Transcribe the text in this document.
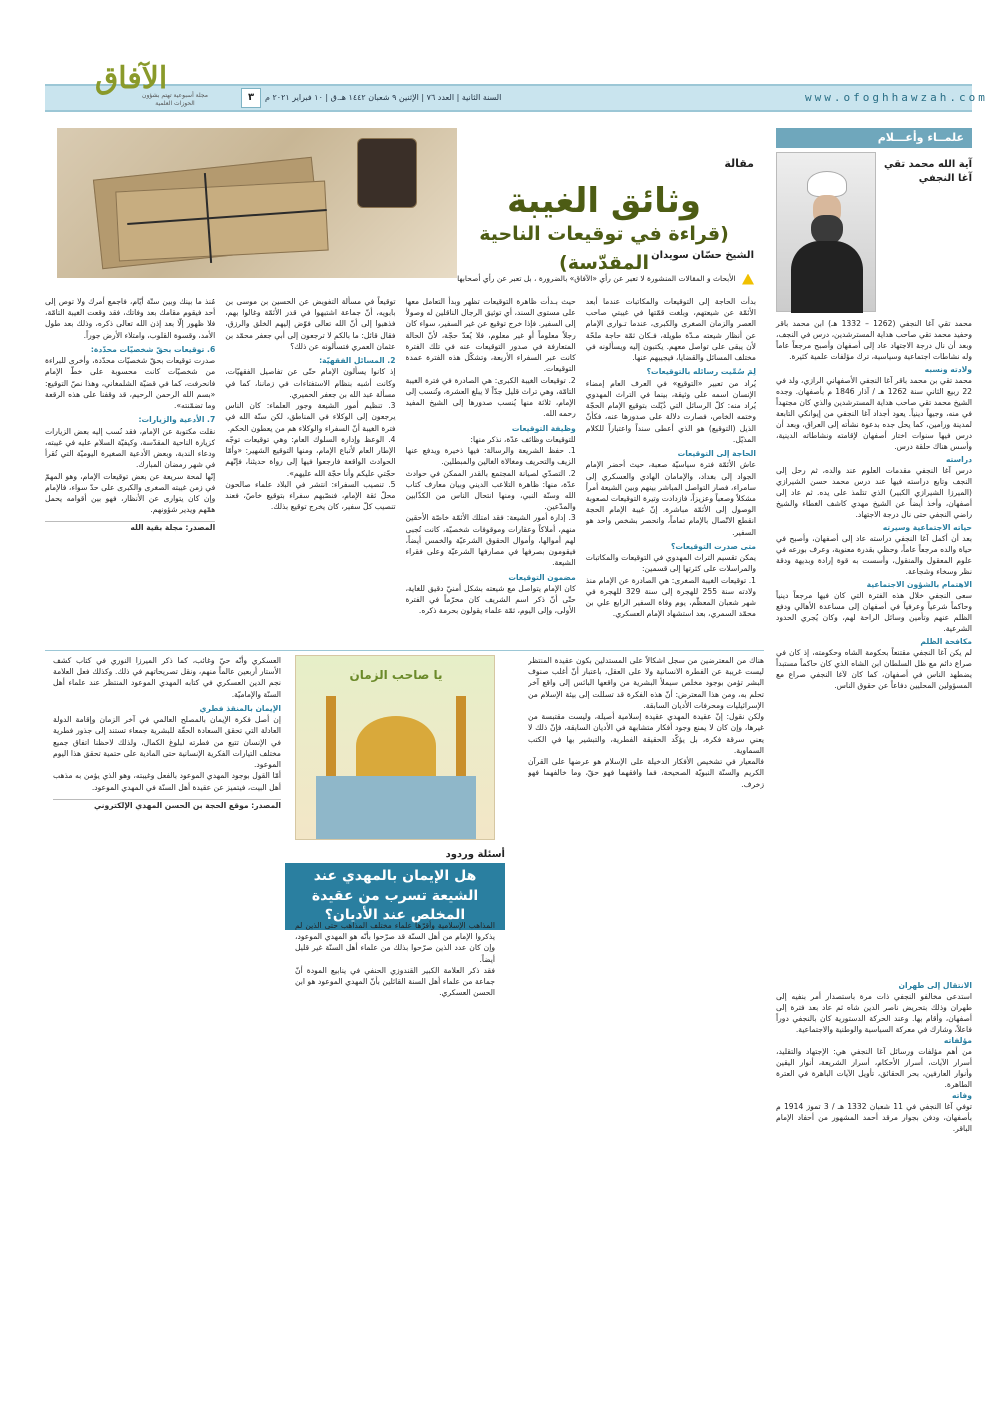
www.ofoghhawzah.com
السنة الثانية | العدد ٧٦ | الإثنين ٩ شعبان ١٤٤٢ هـ.ق | ١٠ فبراير ٢٠٢١ م
٣
الآفاق
مجلة أسبوعية تهتم بشؤون الحوزات العلمية
علمــاء وأعـــلام
آية الله محمد تقي آغا النجفي

محمد تقي آغا النجفي (1262 – 1332 هـ) ابن محمد باقر وحفيد محمد تقي صاحب هداية المسترشدين، درس في النجف، وبعد أن نال درجة الاجتهاد عاد إلى أصفهان وأصبح مرجعاً عاماً وله نشاطات اجتماعية وسياسية، ترك مؤلفات علمية كثيرة.

ولادته ونسبه

محمد تقي بن محمد باقر آغا النجفي الأصفهاني الرازي، ولد في 22 ربيع الثاني سنة 1262 هـ / آذار 1846 م بأصفهان. وجده الشيخ محمد تقي صاحب هداية المسترشدين والذي كان مجتهداً في منه، وجيهاً دينياً. يعود أجداد آغا النجفي من إيوانكي التابعة لمدينة ورامين، كما يحل جده بدعوة نشأته إلى العراق، وبعد أن درس فيها سنوات اختار أصفهان لإقامته ونشاطاته الدينية، وأسس هناك حلقة درس.

دراسته

درس آغا النجفي مقدمات العلوم عند والده، ثم رحل إلى النجف وتابع دراسته فيها عند درس محمد حسن الشيرازي (الميرزا الشيرازي الكبير) الذي تتلمذ على يده. ثم عاد إلى أصفهان، وأخذ أيضاً عن الشيخ مهدي كاشف الغطاء والشيخ راضي النجفي حتى نال درجة الاجتهاد.

حياته الاجتماعية وسيرته

بعد أن أكمل آغا النجفي دراسته عاد إلى أصفهان، وأصبح في حياة والده مرجعاً عاماً، وحظي بقدرة معنوية، وعرف بورعه في علوم المعقول والمنقول، وأسست به قوة إرادة وبديهة ودقة نظر وسخاء وشجاعة.

الاهتمام بالشؤون الاجتماعية

سعى النجفي خلال هذه الفترة التي كان فيها مرجعاً دينياً وحاكماً شرعياً وعرفياً في أصفهان إلى مساعدة الأهالي ودفع الظلم عنهم وتأمين وسائل الراحة لهم، وكان يُجري الحدود الشرعية.

مكافحة الظلم

لم يكن آغا النجفي مقتنعاً بحكومة الشاه وحكومته، إذ كان في صراع دائم مع ظل السلطان ابن الشاه الذي كان حاكماً مستبداً يضطهد الناس في أصفهان، كما كان لآغا النجفي صراع مع المسؤولين المحليين دفاعاً عن حقوق الناس.

الانتقال إلى طهران

استدعى مخالفو النجفي ذات مرة باستصدار أمر بنفيه إلى طهران وذلك بتحريض ناصر الدين شاه ثم عاد بعد فترة إلى أصفهان، وأقام بها. وعند الحركة الدستورية كان بالنجفي دوراً فاعلاً، وشارك في معركة السياسية والوطنية والاجتماعية.

مؤلفاته

من أهم مؤلفات ورسائل آغا النجفي هي: الإجتهاد والتقليد، أسرار الآيات، أسرار الأحكام، أسرار الشريعة، أنوار اليقين وأنوار العارفين، بحر الحقائق، تأويل الآيات الباهرة في العترة الطاهرة.

وفاته

توفي آغا النجفي في 11 شعبان 1332 هـ / 3 تموز 1914 م بأصفهان، ودفن بجوار مرقد أحمد المشهور من أحفاد الإمام الباقر.

مقالة
وثائق الغيبة
(قراءة في توقيعات الناحية المقدّسة) الشيخ حسّان سويدان
الأبحاث و المقالات المنشورة لا تعبر عن رأي «الآفاق» بالضرورة ، بل تعبر عن رأي أصحابها

بدأت الحاجة إلى التوقيعات والمكاتبات عندما أبعد الأئمّة عن شيعتهم، وبلغت قمّتها في غيبتي صاحب العصر والزمان الصغرى والكبرى، عندما تـوارى الإمام عن أنظار شيعته مـدّة طويلة، فـكان ثمّة حاجة ملحّة لأن يبقى على تواصل معهم. يكتبون إليه ويسألونه في مختلف المسائل والقضايا، فيجيبهم عنها.

لِمَ سُمِّيت رسائله بالتوقيعات؟

يُراد من تعبير «التوقيع» في العرف العام إمضاء الإنسان اسمه على وثيقة، بينما في التراث المهدوي يُراد منه: كلّ الرسائل التي ذُيّلت بتوقيع الإمام الحجّة وختمه الخاص، فصارت دلالة على صدورها عنه، فكأنّ الذيل (التوقيع) هو الذي أعطى سنداً واعتباراً للكلام المذيّل.

الحاجة إلى التوقيعات

عاش الأئمّة فترة سياسيّة صعبة، حيث أحضر الإمام الجواد إلى بغداد، والإمامان الهادي والعسكري إلى سامراء، فصار التواصل المباشر بينهم وبين الشيعة أمراً مشكلاً وصعباً وعزيزاً، فازدادت وتيرة التوقيعات لصعوبة الوصول إلى الأئمّة مباشرة. إنّ غيبة الإمام الحجة انقطع الاتّصال بالإمام تماماً، وانحصر بشخص واحد هو السفير.

متى صدرت التوقيعات؟

يمكن تقسيم التراث المهدوي في التوقيعات والمكاتبات والمراسلات على كثرتها إلى قسمين:

1. توقيعات الغيبة الصغرى: هي الصادرة عن الإمام منذ ولادته سنة 255 للهجرة إلى سنة 329 للهجرة في شهر شعبان المعظّم، يوم وفاة السفير الرابع علي بن محمّد السمري، بعد استشهاد الإمام العسكري.

حيث بـدأت ظاهرة التوقيعات تظهر وبدأ التعامل معها على مستوى السند، أي توثيق الرجال الناقلين له وصولاً إلى السفير. فإذا خرج توقيع عن غير السفير، سواء كان رجلاً معلوماً أو غير معلوم، فلا يُعدّ حجّة، لأنّ الحالة المتعارفة في صدور التوقيعات عنه في تلك الفترة كانت عبر السفراء الأربعة، وتشكّل هذه الفترة عمدة التوقيعات.

2. توقيعات الغيبة الكبرى: هي الصادرة في فترة الغيبة التامّة، وهي تراث قليل جدّاً لا يبلغ العشرة، وتُنسب إلى الإمام، ثلاثة منها يُنسب صدورها إلى الشيخ المفيد رحمه الله.

وظيفة التوقيعات

للتوقيعات وظائف عدّة، نذكر منها:

1. حفظ الشريعة والرسالة: فيها ذخيرة ويدفع عنها الزيف والتحريف ومغالاة الغالين والمبطلين.

2. التصدّي لصيانة المجتمع بالقدر الممكن في حوادث عدّة، منها: ظاهرة التلاعب الديني وبيان معارف كتاب الله وسنّة النبي، ومنها انتحال الناس من الكذّابين والمدّعين.

3. إدارة أمور الشيعة: فقد امتلك الأئمّة خاصّة الأحقين منهم، أملاكاً وعقارات وموقوفات شخصيّة، كانت تُجبى لهم أموالها، وأموال الحقوق الشرعيّة والخمس أيضاً، فيقومون بصرفها في مصارفها الشرعيّة وعلى فقراء الشيعة.

مضمون التوقيعات

كان الإمام يتواصل مع شيعته بشكل أمنيّ دقيق للغاية، حتّى أنّ ذكر اسم الشريف كان محرّماً في الفترة الأولى، وإلى اليوم، ثمّة علماء يقولون بحرمة ذكره.

توقيعاً في مسألة التفويض عن الحسين بن موسى بن بابويه، أنّ جماعة اشتبهوا في قدر الأئمّة وغالوا بهم، فذهبوا إلى أنّ الله تعالى فوّض إليهم الخلق والرزق، فقال قائل: ما بالكم لا ترجعون إلى أبي جعفر محمّد بن عثمان العمري فتسألونه عن ذلك؟

2. المسائل الفقهيّة:

إذ كانوا يسألون الإمام حتّى عن تفاصيل الفقهيّات، وكانت أشبه بنظام الاستفتاءات في زماننا، كما في مسألة عبد الله بن جعفر الحميري.

3. تنظيم أمور الشيعة وجور العلماء: كان الناس يرجعون إلى الوكلاء في المناطق، لكن سنّة الله في فترة الغيبة أنّ السفراء والوكلاء هم من يعطون الحكم.

4. الوعظ وإدارة السلوك العام: وهي توقيعات توجّه الإطار العام لأتباع الإمام، ومنها التوقيع الشهير: «وأمّا الحوادث الواقعة فارجعوا فيها إلى رواة حديثنا، فإنّهم حجّتي عليكم وأنا حجّة الله عليهم».

5. تنصيب السفراء: انتشر في البلاد علماء صالحون محلّ ثقة الإمام، فنصّبهم سفراء بتوقيع خاصّ، فعند تنصيب كلّ سفير، كان يخرج توقيع بذلك.

مُنذ ما بينك وبين ستّة أيّام، فاجمع أمرك ولا توص إلى أحد فيقوم مقامك بعد وفاتك، فقد وقعت الغيبة التامّة، فلا ظهور إلّا بعد إذن الله تعالى ذكره، وذلك بعد طول الأمد، وقسوة القلوب، وامتلاء الأرض جوراً.

6. توقيعات بحقّ شخصيّات محدّدة:

صدرت توقيعات بحقّ شخصيّات محدّدة، وأخرى للبراءة من شخصيّات كانت محسوبة على خطّ الإمام فانحرفت، كما في قضيّة الشلمغاني، وهذا نصّ التوقيع: «بسم الله الرحمن الرحيم، قد وقفنا على هذه الرقعة وما تضمّنته».

7. الأدعية والزيارات:

نقلت مكتوبة عن الإمام، فقد نُسب إليه بعض الزيارات كزيارة الناحية المقدّسة، وكيفيّة السلام عليه في غيبته، ودعاء الندبة، وبعض الأدعية الصغيرة اليوميّة التي تُقرأ في شهر رمضان المبارك.

إنّها لمحة سريعة عن بعض توقيعات الإمام، وهو المهمّ في زمن غيبته الصغرى والكبرى على حدّ سواء، فالإمام وإن كان يتوارى عن الأنظار، فهو بين أقوامه يحمل همّهم ويدير شؤونهم.

المصدر: مجلة بقية الله

هناك من المعترضين من سجل اشكالاً على المستدلين بكون عقيدة المنتظر ليست غريبة عن الفطرة الانسانية ولا على العقل، باعتبار أنّ أغلب صنوف البشر تؤمن بوجود مخلص سيملأ البشرية من واقعها البائس إلى واقع آخر تحلم به، ومن هذا المعترض: أنّ هذه الفكرة قد تسللت إلى بيئة الإسلام من الإسرائيليات ومحرفات الأديان السابقة.

ولكن نقول: إنّ عقيدة المهدي عقيدة إسلامية أصيلة، وليست مقتبسة من غيرها، وإن كان لا يمنع وجود أفكار متشابهة في الأديان السابقة، فإنّ ذلك لا يعني سرقة فكرة، بل يؤكّد الحقيقة الفطرية، والتبشير بها في الكتب السماوية.

فالمعيار في تشخيص الأفكار الدخيلة على الإسلام هو عرضها على القرآن الكريم والسنّة النبويّة الصحيحة، فما وافقهما فهو حقّ، وما خالفهما فهو زخرف.

يا صاحب الزمان
أسئلة وردود
هل الإيمان بالمهدي عند الشيعة تسرب من عقيدة المخلص عند الأديان؟

المذاهب الإسلامية وأقرّها علماء مختلف المذاهب حتى الذين لم يذكروا الإمام من أهل السنّة قد صرّحوا بأنّه هو المهدي الموعود، وإن كان عدد الذين صرّحوا بذلك من علماء أهل السنّة غير قليل أيضاً.

فقد ذكر العلامة الكبير القندوزي الحنفي في ينابيع المودة أنّ جماعة من علماء أهل السنة القائلين بأنّ المهدي الموعود هو ابن الحسن العسكري.

العسكري وأنّه حيّ وغائب، كما ذكر الميرزا النوري في كتاب كشف الأستار أربعين عالماً منهم، ونقل تصريحاتهم في ذلك. وكذلك فعل العلامة نجم الدين العسكري في كتابه المهدي الموعود المنتظر عند علماء أهل السنّة والإماميّة.

الإيمان بالمنقذ فطري

إن أصل فكرة الإيمان بالمصلح العالمي في آخر الزمان وإقامة الدولة العادلة التي تحقق السعادة الحقّة للبشرية جمعاء تستند إلى جذور فطرية في الإنسان تتبع من فطرته لبلوغ الكمال، ولذلك لاحظنا اتفاق جميع مختلف التيارات الفكرية الإنسانية حتى المادية على حتمية تحقق هذا اليوم الموعود.

أمّا القول بوجود المهدي الموعود بالفعل وغيبته، وهو الذي يؤمن به مذهب أهل البيت، فيتميز عن عقيدة أهل السنّة في المهدي الموعود.

المصدر: موقع الحجة بن الحسن المهدي الإلكتروني
